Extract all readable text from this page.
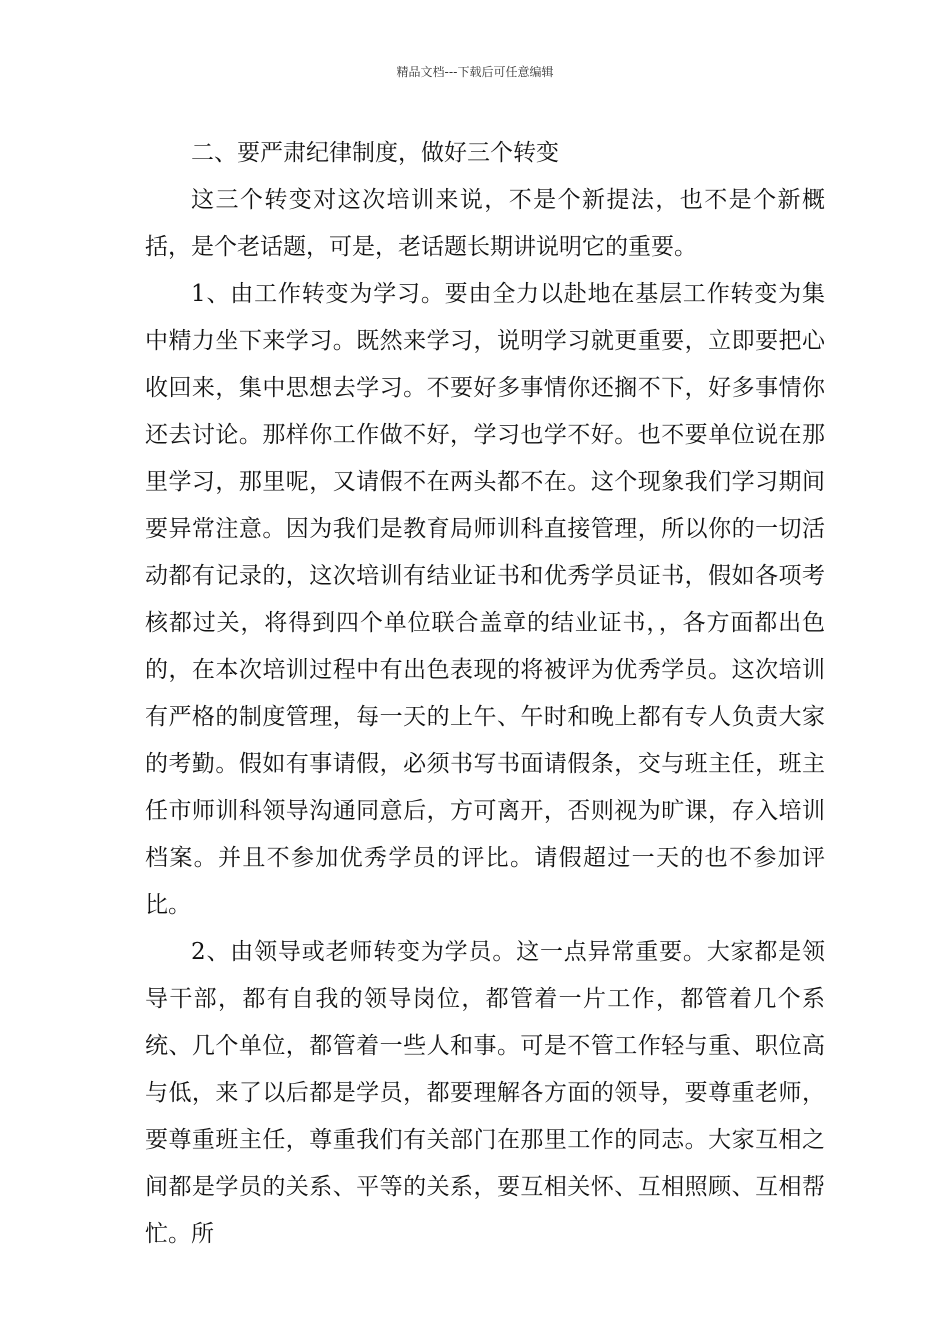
精品文档---下载后可任意编辑

二、要严肃纪律制度，做好三个转变

这三个转变对这次培训来说，不是个新提法，也不是个新概括，是个老话题，可是，老话题长期讲说明它的重要。

1、由工作转变为学习。要由全力以赴地在基层工作转变为集中精力坐下来学习。既然来学习，说明学习就更重要，立即要把心收回来，集中思想去学习。不要好多事情你还搁不下，好多事情你还去讨论。那样你工作做不好，学习也学不好。也不要单位说在那里学习，那里呢，又请假不在两头都不在。这个现象我们学习期间要异常注意。因为我们是教育局师训科直接管理，所以你的一切活动都有记录的，这次培训有结业证书和优秀学员证书，假如各项考核都过关，将得到四个单位联合盖章的结业证书，，各方面都出色的，在本次培训过程中有出色表现的将被评为优秀学员。这次培训有严格的制度管理，每一天的上午、午时和晚上都有专人负责大家的考勤。假如有事请假，必须书写书面请假条，交与班主任，班主任市师训科领导沟通同意后，方可离开，否则视为旷课，存入培训档案。并且不参加优秀学员的评比。请假超过一天的也不参加评比。

2、由领导或老师转变为学员。这一点异常重要。大家都是领导干部，都有自我的领导岗位，都管着一片工作，都管着几个系统、几个单位，都管着一些人和事。可是不管工作轻与重、职位高与低，来了以后都是学员，都要理解各方面的领导，要尊重老师，要尊重班主任，尊重我们有关部门在那里工作的同志。大家互相之间都是学员的关系、平等的关系，要互相关怀、互相照顾、互相帮忙。所
